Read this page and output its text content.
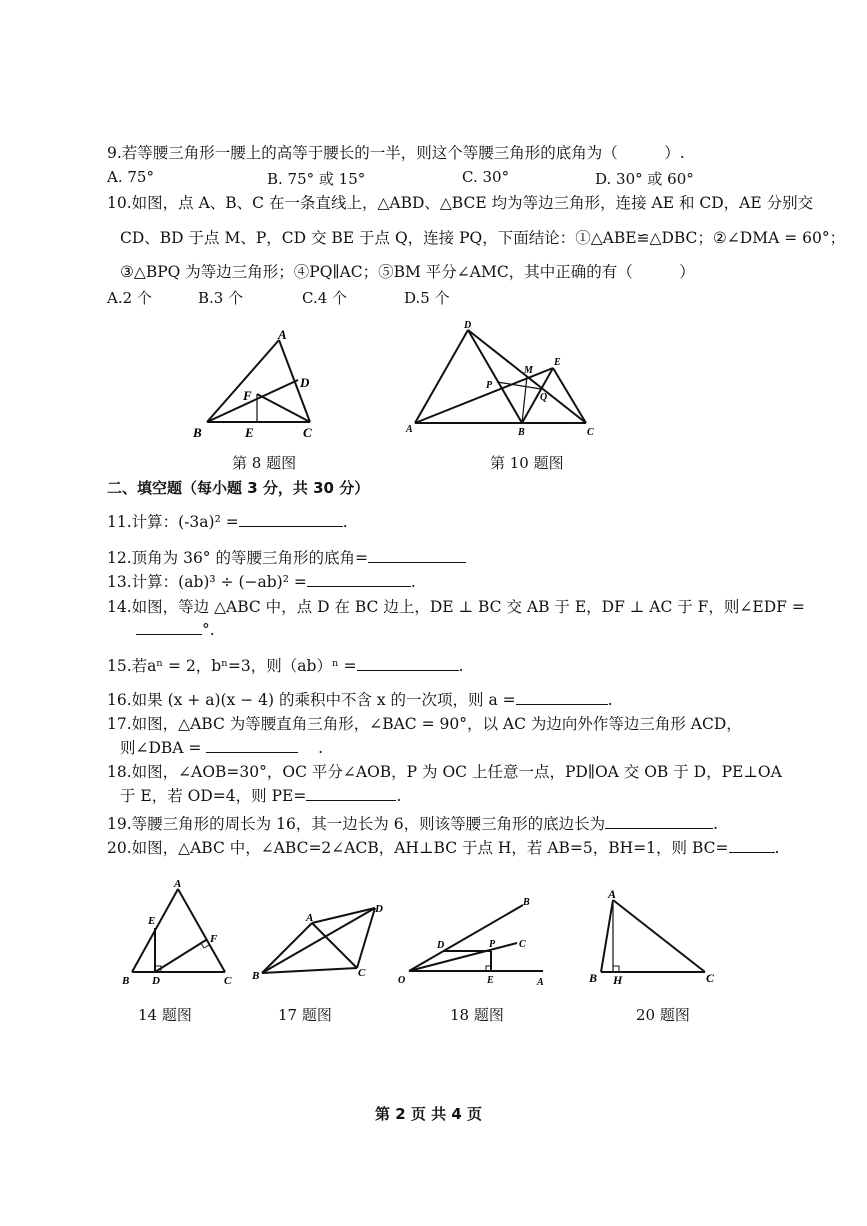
9.若等腰三角形一腰上的高等于腰长的一半，则这个等腰三角形的底角为（　　　）.
A. 75°	B. 75° 或 15°	C. 30°	D. 30° 或 60°
10.如图，点 A、B、C 在一条直线上，△ABD、△BCE 均为等边三角形，连接 AE 和 CD，AE 分别交
CD、BD 于点 M、P，CD 交 BE 于点 Q，连接 PQ，下面结论：①△ABE≌△DBC；②∠DMA = 60°；
③△BPQ 为等边三角形；④PQ∥AC；⑤BM 平分∠AMC，其中正确的有（　　　）
A.2 个	B.3 个	C.4 个	D.5 个
A
B	E	C
D
F
第 8 题图
D
E
M
P
Q
A	B	C
第 10 题图
二、填空题（每小题 3 分，共 30 分）
11.计算：(-3a)² =	.
12.顶角为 36° 的等腰三角形的底角=
13.计算：(ab)³ ÷ (−ab)² =	.
14.如图，等边 △ABC 中，点 D 在 BC 边上，DE ⊥ BC 交 AB 于 E，DF ⊥ AC 于 F，则∠EDF =
°.
15.若aⁿ = 2，bⁿ=3，则（ab）ⁿ =	.
16.如果 (x + a)(x − 4) 的乘积中不含 x 的一次项，则 a =	.
17.如图，△ABC 为等腰直角三角形，∠BAC = 90°，以 AC 为边向外作等边三角形 ACD，
则∠DBA =	.
18.如图，∠AOB=30°，OC 平分∠AOB，P 为 OC 上任意一点，PD∥OA 交 OB 于 D，PE⊥OA
于 E，若 OD=4，则 PE=	.
19.等腰三角形的周长为 16，其一边长为 6，则该等腰三角形的底边长为	.
20.如图，△ABC 中，∠ABC=2∠ACB，AH⊥BC 于点 H，若 AB=5，BH=1，则 BC=	.
A
E
F
B D	C
14 题图
A
D
B	C
17 题图
O	E	A
B
C
D	P
18 题图
A
B H	C
20 题图
第 2 页 共 4 页
